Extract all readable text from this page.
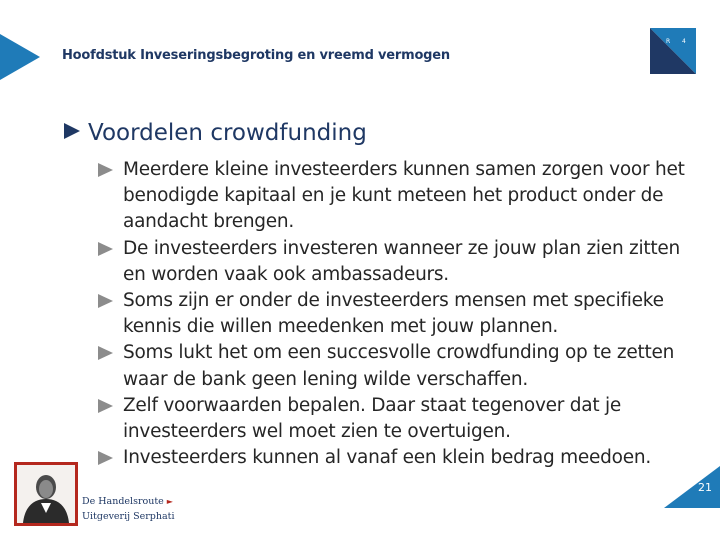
Hoofdstuk Inveseringsbegroting en vreemd vermogen
R 4
Voordelen crowdfunding
Meerdere kleine investeerders kunnen samen zorgen voor het benodigde kapitaal en je kunt meteen het product onder de aandacht brengen.
De investeerders investeren wanneer ze jouw plan zien zitten en worden vaak ook ambassadeurs.
Soms zijn er onder de investeerders mensen met specifieke kennis die willen meedenken met jouw plannen.
Soms lukt het om een succesvolle crowdfunding op te zetten waar de bank geen lening wilde verschaffen.
Zelf voorwaarden bepalen. Daar staat tegenover dat je investeerders wel moet zien te overtuigen.
Investeerders kunnen al vanaf een klein bedrag meedoen.
De Handelsroute ►
Uitgeverij Serphati
21
